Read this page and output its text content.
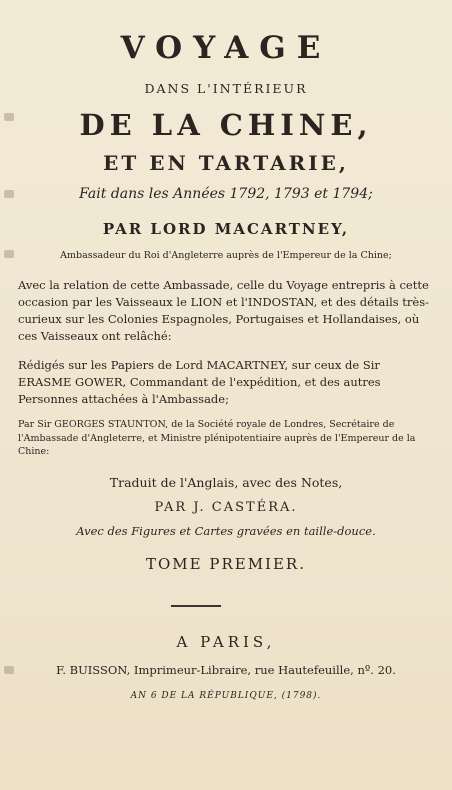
VOYAGE
DANS L'INTÉRIEUR
DE LA CHINE,
ET EN TARTARIE,
Fait dans les Années 1792, 1793 et 1794;
PAR LORD MACARTNEY,
Ambassadeur du Roi d'Angleterre auprès de l'Empereur de la Chine;
Avec la relation de cette Ambassade, celle du Voyage entrepris à cette occasion par les Vaisseaux le LION et l'INDOSTAN, et des détails très-curieux sur les Colonies Espagnoles, Portugaises et Hollandaises, où ces Vaisseaux ont relâché:
Rédigés sur les Papiers de Lord MACARTNEY, sur ceux de Sir ERASME GOWER, Commandant de l'expédition, et des autres Personnes attachées à l'Ambassade;
Par Sir GEORGES STAUNTON, de la Société royale de Londres, Secrétaire de l'Ambassade d'Angleterre, et Ministre plénipotentiaire auprès de l'Empereur de la Chine:
Traduit de l'Anglais, avec des Notes,
PAR J. CASTÉRA.
Avec des Figures et Cartes gravées en taille-douce.
TOME PREMIER.
A PARIS,
F. BUISSON, Imprimeur-Libraire, rue Hautefeuille, nº. 20.
AN 6 DE LA RÉPUBLIQUE, (1798).
